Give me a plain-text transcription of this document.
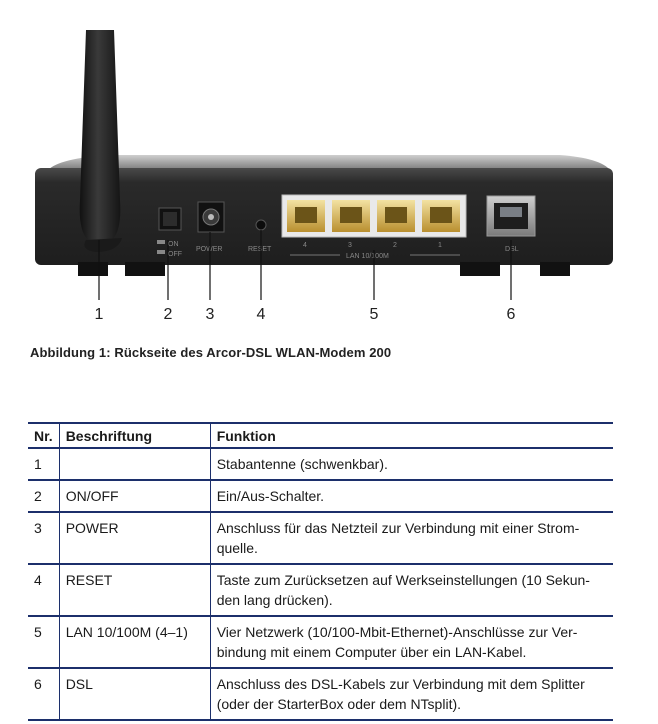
ON
OFF
POWER	RESET
4	3	2	1
LAN 10/100M
DSL
1	2	3	4	5	6
Abbildung 1: Rückseite des Arcor-DSL WLAN-Modem 200
Nr.	Beschriftung	Funktion
1		Stabantenne (schwenkbar).
2	ON/OFF	Ein/Aus-Schalter.
3	POWER	Anschluss für das Netzteil zur Verbindung mit einer Strom-quelle.
4	RESET	Taste zum Zurücksetzen auf Werkseinstellungen (10 Sekun-den lang drücken).
5	LAN 10/100M (4–1)	Vier Netzwerk (10/100-Mbit-Ethernet)-Anschlüsse zur Ver-bindung mit einem Computer über ein LAN-Kabel.
6	DSL	Anschluss des DSL-Kabels zur Verbindung mit dem Splitter (oder der StarterBox oder dem NTsplit).
